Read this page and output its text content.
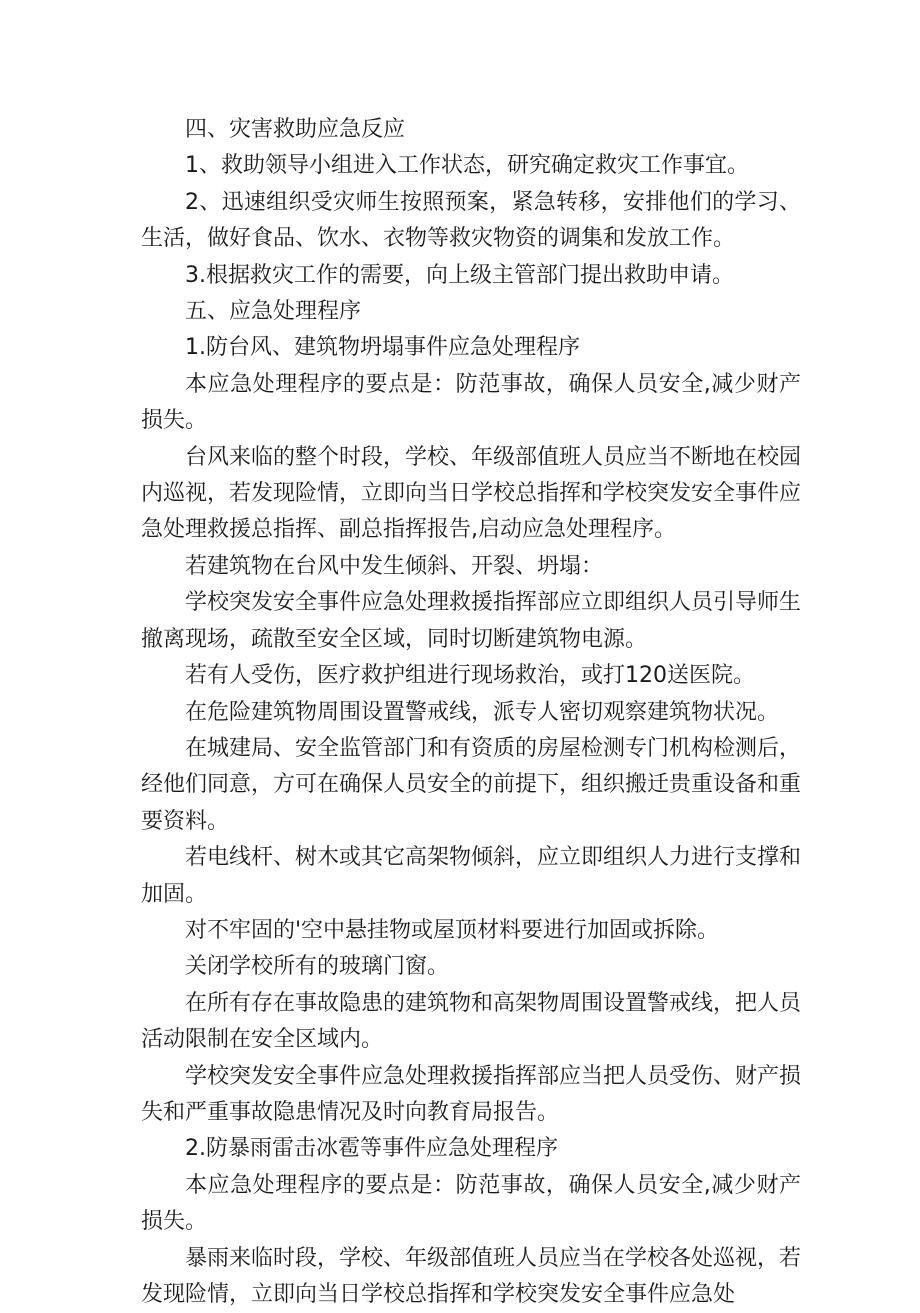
四、灾害救助应急反应

1、救助领导小组进入工作状态，研究确定救灾工作事宜。

2、迅速组织受灾师生按照预案，紧急转移，安排他们的学习、生活，做好食品、饮水、衣物等救灾物资的调集和发放工作。

3.根据救灾工作的需要，向上级主管部门提出救助申请。

五、应急处理程序

1.防台风、建筑物坍塌事件应急处理程序

本应急处理程序的要点是：防范事故，确保人员安全,减少财产损失。

台风来临的整个时段，学校、年级部值班人员应当不断地在校园内巡视，若发现险情，立即向当日学校总指挥和学校突发安全事件应急处理救援总指挥、副总指挥报告,启动应急处理程序。

若建筑物在台风中发生倾斜、开裂、坍塌：

学校突发安全事件应急处理救援指挥部应立即组织人员引导师生撤离现场，疏散至安全区域，同时切断建筑物电源。

若有人受伤，医疗救护组进行现场救治，或打120送医院。

在危险建筑物周围设置警戒线，派专人密切观察建筑物状况。

在城建局、安全监管部门和有资质的房屋检测专门机构检测后，经他们同意，方可在确保人员安全的前提下，组织搬迁贵重设备和重要资料。

若电线杆、树木或其它高架物倾斜，应立即组织人力进行支撑和加固。

对不牢固的'空中悬挂物或屋顶材料要进行加固或拆除。

关闭学校所有的玻璃门窗。

在所有存在事故隐患的建筑物和高架物周围设置警戒线，把人员活动限制在安全区域内。

学校突发安全事件应急处理救援指挥部应当把人员受伤、财产损失和严重事故隐患情况及时向教育局报告。

2.防暴雨雷击冰雹等事件应急处理程序

本应急处理程序的要点是：防范事故，确保人员安全,减少财产损失。

暴雨来临时段，学校、年级部值班人员应当在学校各处巡视，若发现险情，立即向当日学校总指挥和学校突发安全事件应急处
